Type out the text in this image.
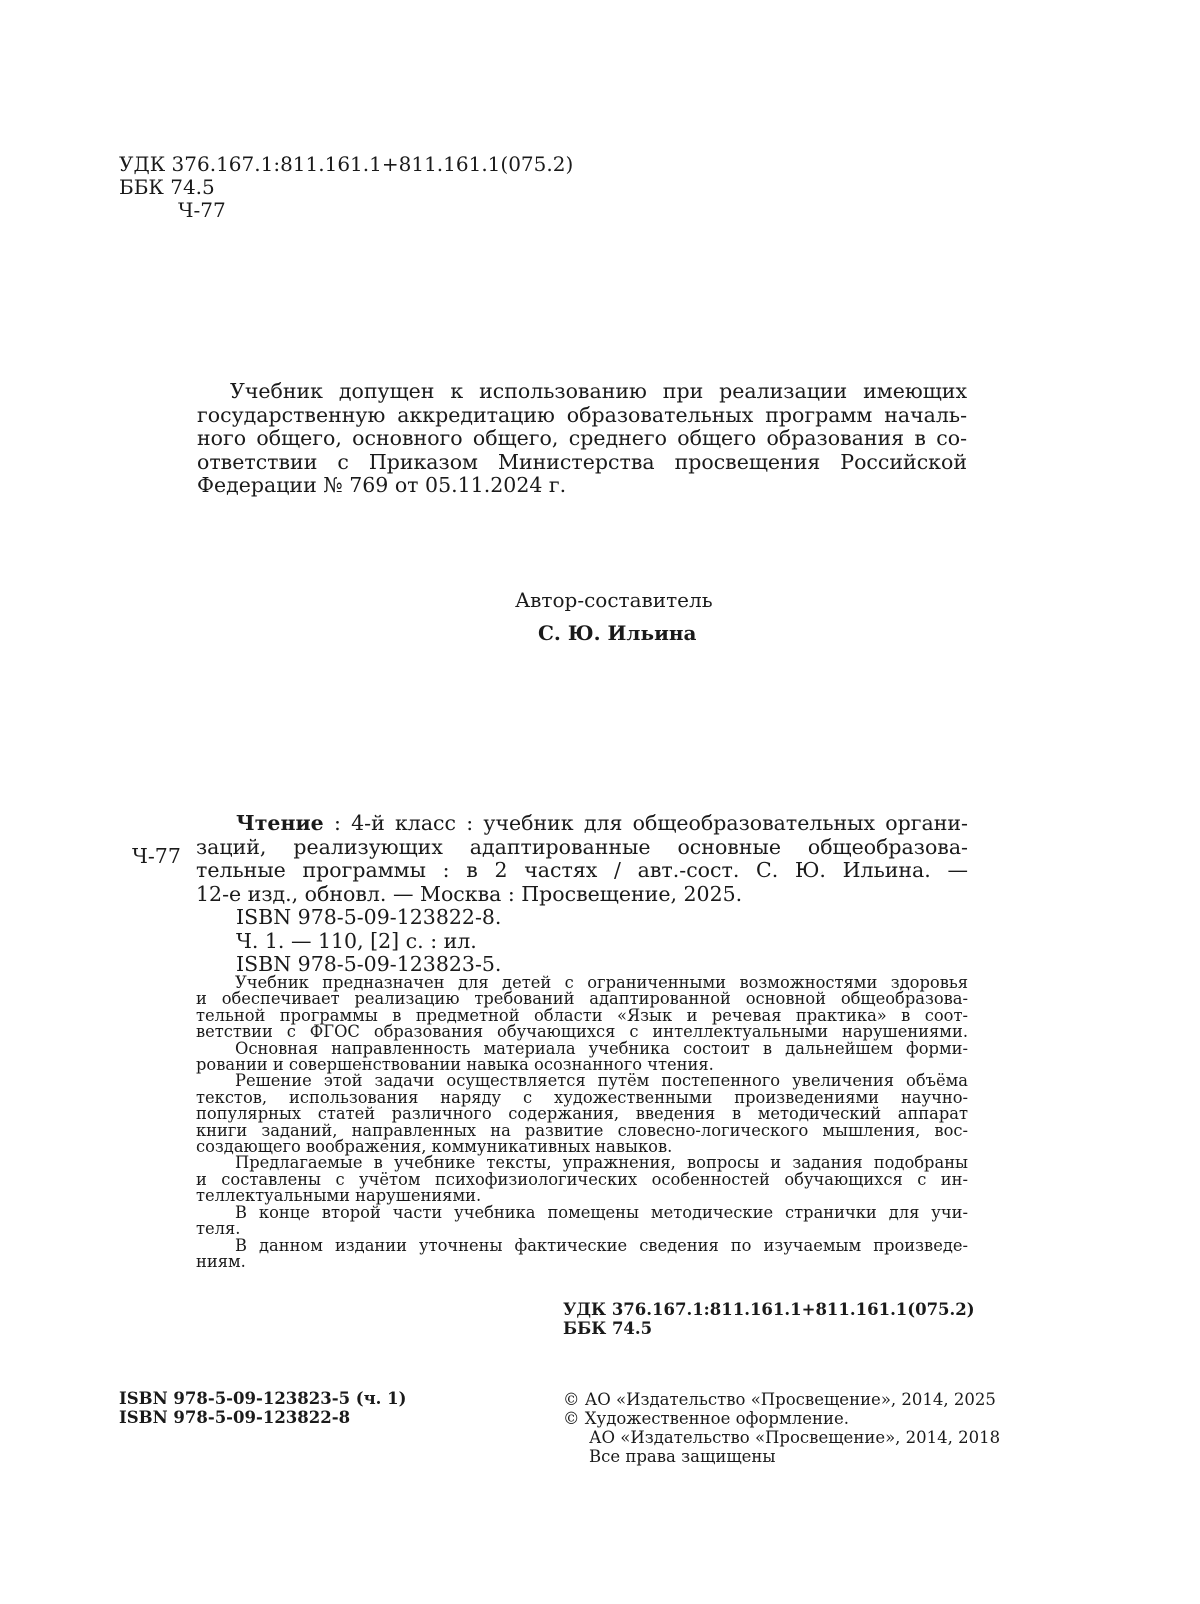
УДК 376.167.1:811.161.1+811.161.1(075.2)
ББК 74.5
Ч-77
Учебник допущен к использованию при реализации имеющих
государственную аккредитацию образовательных программ началь-
ного общего, основного общего, среднего общего образования в со-
ответствии с Приказом Министерства просвещения Российской
Федерации № 769 от 05.11.2024 г.
Автор-составитель
С. Ю. Ильина
Ч-77
Чтение : 4-й класс : учебник для общеобразовательных органи-
заций, реализующих адаптированные основные общеобразова-
тельные программы : в 2 частях / авт.-сост. С. Ю. Ильина. —
12-е изд., обновл. — Москва : Просвещение, 2025.
ISBN 978-5-09-123822-8.
Ч. 1. — 110, [2] с. : ил.
ISBN 978-5-09-123823-5.
Учебник предназначен для детей с ограниченными возможностями здоровья
и обеспечивает реализацию требований адаптированной основной общеобразова-
тельной программы в предметной области «Язык и речевая практика» в соот-
ветствии с ФГОС образования обучающихся с интеллектуальными нарушениями.
Основная направленность материала учебника состоит в дальнейшем форми-
ровании и совершенствовании навыка осознанного чтения.
Решение этой задачи осуществляется путём постепенного увеличения объёма
текстов, использования наряду с художественными произведениями научно-
популярных статей различного содержания, введения в методический аппарат
книги заданий, направленных на развитие словесно-логического мышления, вос-
создающего воображения, коммуникативных навыков.
Предлагаемые в учебнике тексты, упражнения, вопросы и задания подобраны
и составлены с учётом психофизиологических особенностей обучающихся с ин-
теллектуальными нарушениями.
В конце второй части учебника помещены методические странички для учи-
теля.
В данном издании уточнены фактические сведения по изучаемым произведе-
ниям.
УДК 376.167.1:811.161.1+811.161.1(075.2)
ББК 74.5
ISBN 978-5-09-123823-5 (ч. 1)
ISBN 978-5-09-123822-8
© АО «Издательство «Просвещение», 2014, 2025
© Художественное оформление.
АО «Издательство «Просвещение», 2014, 2018
Все права защищены
